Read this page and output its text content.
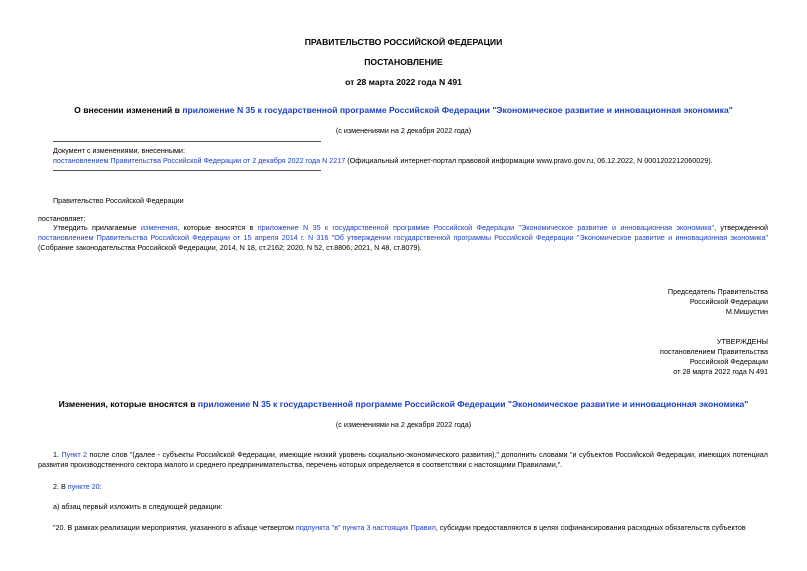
ПРАВИТЕЛЬСТВО РОССИЙСКОЙ ФЕДЕРАЦИИ
ПОСТАНОВЛЕНИЕ
от 28 марта 2022 года N 491
О внесении изменений в приложение N 35 к государственной программе Российской Федерации "Экономическое развитие и инновационная экономика"
(с изменениями на 2 декабря 2022 года)
Документ с изменениями, внесенными:
постановлением Правительства Российской Федерации от 2 декабря 2022 года N 2217 (Официальный интернет-портал правовой информации www.pravo.gov.ru, 06.12.2022, N 0001202212060029).
Правительство Российской Федерации
постановляет:
Утвердить прилагаемые изменения, которые вносятся в приложение N 35 к государственной программе Российской Федерации "Экономическое развитие и инновационная экономика", утвержденной постановлением Правительства Российской Федерации от 15 апреля 2014 г. N 316 "Об утверждении государственной программы Российской Федерации "Экономическое развитие и инновационная экономика" (Собрание законодательства Российской Федерации, 2014, N 18, ст.2162; 2020, N 52, ст.8806; 2021, N 48, ст.8079).
Председатель Правительства
Российской Федерации
М.Мишустин
УТВЕРЖДЕНЫ
постановлением Правительства
Российской Федерации
от 28 марта 2022 года N 491
Изменения, которые вносятся в приложение N 35 к государственной программе Российской Федерации "Экономическое развитие и инновационная экономика"
(с изменениями на 2 декабря 2022 года)
1. Пункт 2 после слов "(далее - субъекты Российской Федерации, имеющие низкий уровень социально-экономического развития)," дополнить словами "и субъектов Российской Федерации, имеющих потенциал развития производственного сектора малого и среднего предпринимательства, перечень которых определяется в соответствии с настоящими Правилами,".
2. В пункте 20:
а) абзац первый изложить в следующей редакции:
"20. В рамках реализации мероприятия, указанного в абзаце четвертом подпункта "в" пункта 3 настоящих Правил, субсидии предоставляются в целях софинансирования расходных обязательств субъектов
